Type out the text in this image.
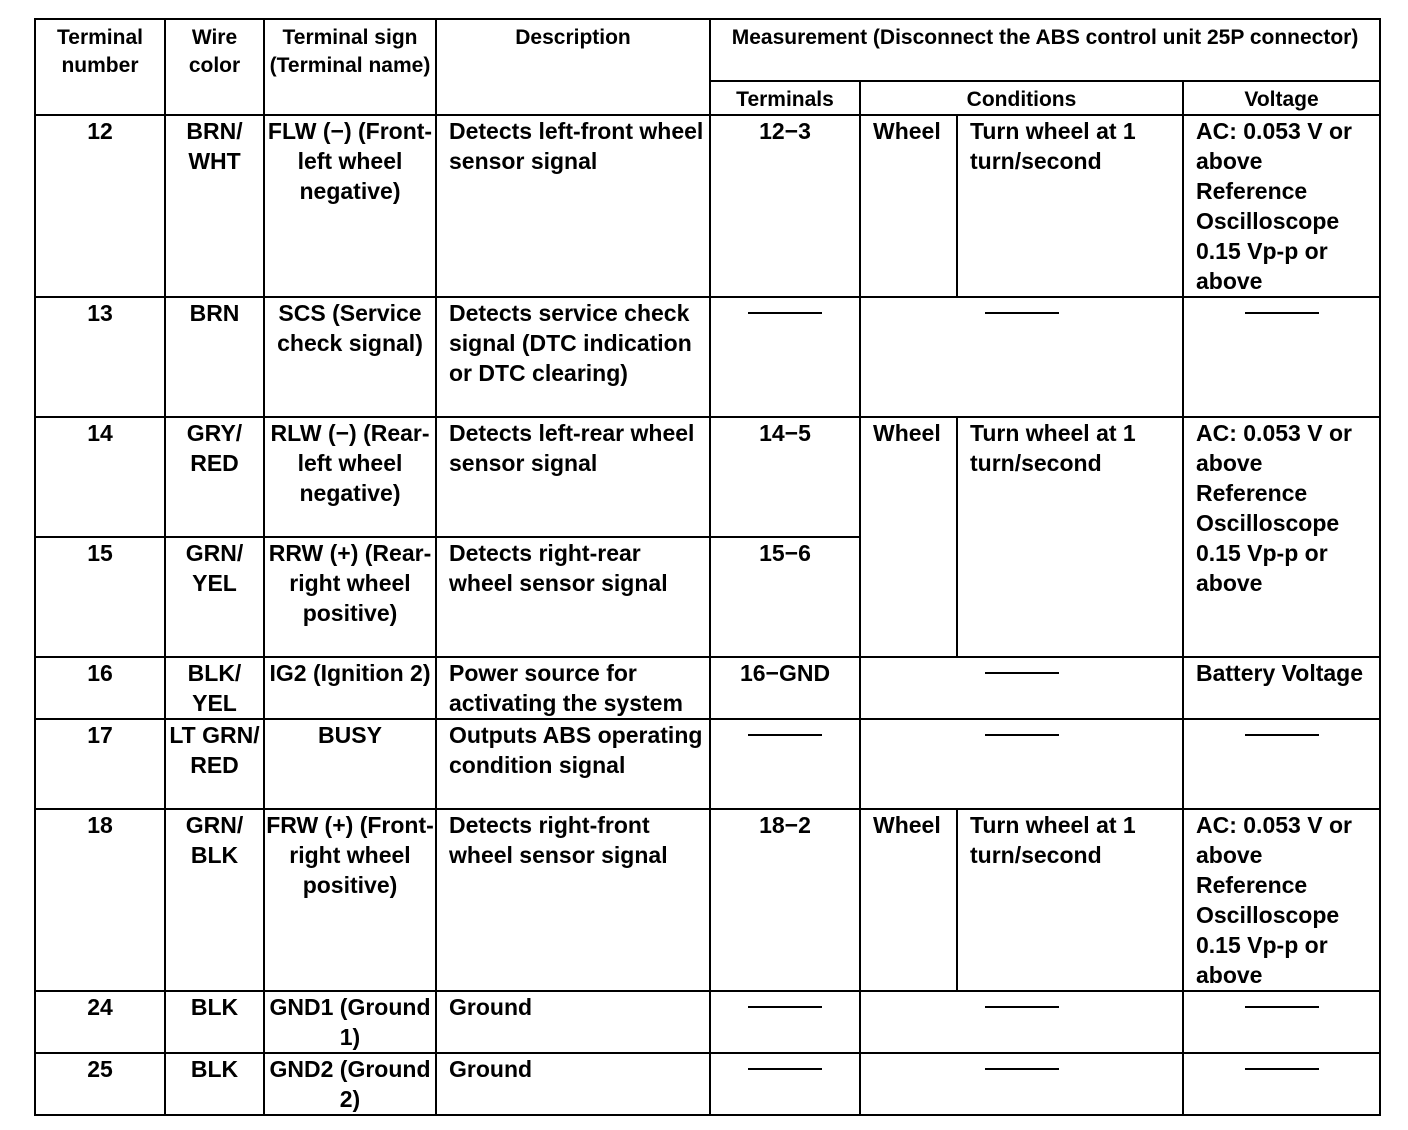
Terminal number	Wire color	Terminal sign (Terminal name)	Description	Measurement (Disconnect the ABS control unit 25P connector)			
				Terminals	Conditions		Voltage
12	BRN/ WHT	FLW (−) (Front-left wheel negative)	Detects left-front wheel sensor signal	12−3	Wheel	Turn wheel at 1 turn/second	AC: 0.053 V or above Reference Oscilloscope 0.15 Vp-p or above
13	BRN	SCS (Service check signal)	Detects service check signal (DTC indication or DTC clearing)		

14	GRY/ RED	RLW (−) (Rear-left wheel negative)	Detects left-rear wheel sensor signal	14−5	Wheel	Turn wheel at 1 turn/second	AC: 0.053 V or above Reference Oscilloscope 0.15 Vp-p or above
15	GRN/ YEL	RRW (+) (Rear-right wheel positive)	Detects right-rear wheel sensor signal	15−6			
16	BLK/ YEL	IG2 (Ignition 2)	Power source for activating the system	16−GND			Battery Voltage
17	LT GRN/ RED	BUSY	Outputs ABS operating condition signal		

18	GRN/ BLK	FRW (+) (Front-right wheel positive)	Detects right-front wheel sensor signal	18−2	Wheel	Turn wheel at 1 turn/second	AC: 0.053 V or above Reference Oscilloscope 0.15 Vp-p or above
24	BLK	GND1 (Ground 1)	Ground		

25	BLK	GND2 (Ground 2)	Ground		
